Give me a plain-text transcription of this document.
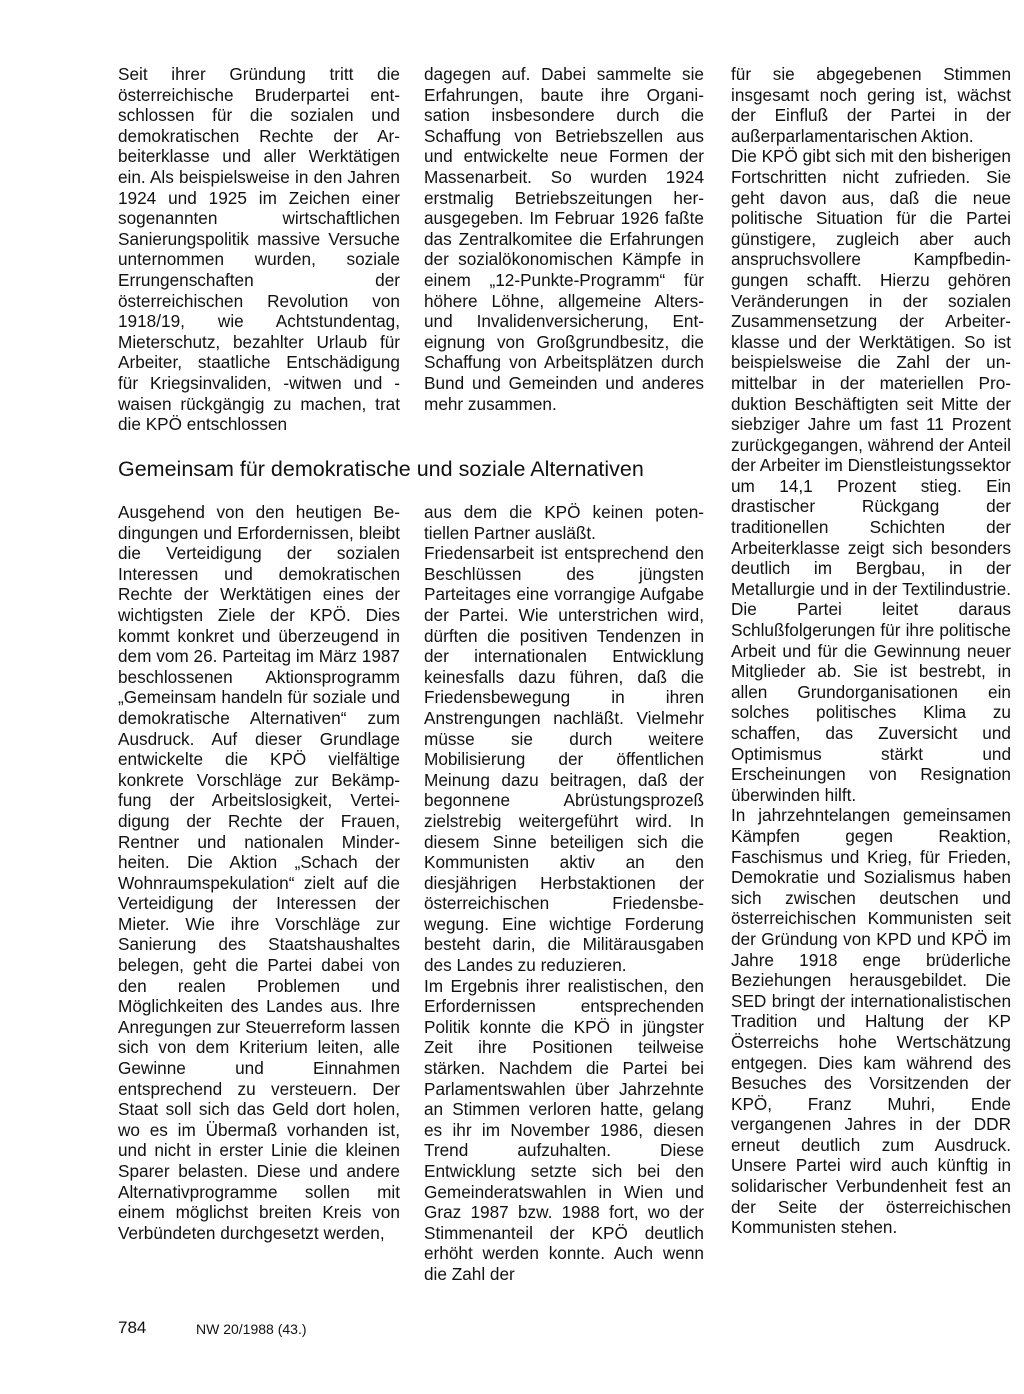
Seit ihrer Gründung tritt die österreichische Bruderpartei entschlossen für die sozialen und demokratischen Rechte der Arbeiterklasse und aller Werktätigen ein. Als beispielsweise in den Jahren 1924 und 1925 im Zeichen einer sogenannten wirtschaftlichen Sanierungspolitik massive Versuche unternommen wurden, soziale Errungenschaften der österreichischen Revolution von 1918/19, wie Achtstundentag, Mieterschutz, bezahlter Urlaub für Arbeiter, staatliche Entschädigung für Kriegsinvaliden, -witwen und -waisen rückgängig zu machen, trat die KPÖ entschlossen

dagegen auf. Dabei sammelte sie Erfahrungen, baute ihre Organisation insbesondere durch die Schaffung von Betriebszellen aus und entwickelte neue Formen der Massenarbeit. So wurden 1924 erstmalig Betriebszeitungen herausgegeben. Im Februar 1926 faßte das Zentralkomitee die Erfahrungen der sozialökonomischen Kämpfe in einem „12-Punkte-Programm“ für höhere Löhne, allgemeine Alters- und Invalidenversicherung, Enteignung von Großgrundbesitz, die Schaffung von Arbeitsplätzen durch Bund und Gemeinden und anderes mehr zusammen.

Gemeinsam für demokratische und soziale Alternativen

Ausgehend von den heutigen Bedingungen und Erfordernissen, bleibt die Verteidigung der sozialen Interessen und demokratischen Rechte der Werktätigen eines der wichtigsten Ziele der KPÖ. Dies kommt konkret und überzeugend in dem vom 26. Parteitag im März 1987 beschlossenen Aktionsprogramm „Gemeinsam handeln für soziale und demokratische Alternativen“ zum Ausdruck. Auf dieser Grundlage entwickelte die KPÖ vielfältige konkrete Vorschläge zur Bekämpfung der Arbeitslosigkeit, Verteidigung der Rechte der Frauen, Rentner und nationalen Minderheiten. Die Aktion „Schach der Wohnraumspekulation“ zielt auf die Verteidigung der Interessen der Mieter. Wie ihre Vorschläge zur Sanierung des Staatshaushaltes belegen, geht die Partei dabei von den realen Problemen und Möglichkeiten des Landes aus. Ihre Anregungen zur Steuerreform lassen sich von dem Kriterium leiten, alle Gewinne und Einnahmen entsprechend zu versteuern. Der Staat soll sich das Geld dort holen, wo es im Übermaß vorhanden ist, und nicht in erster Linie die kleinen Sparer belasten. Diese und andere Alternativprogramme sollen mit einem möglichst breiten Kreis von Verbündeten durchgesetzt werden,

aus dem die KPÖ keinen potentiellen Partner ausläßt.

Friedensarbeit ist entsprechend den Beschlüssen des jüngsten Parteitages eine vorrangige Aufgabe der Partei. Wie unterstrichen wird, dürften die positiven Tendenzen in der internationalen Entwicklung keinesfalls dazu führen, daß die Friedensbewegung in ihren Anstrengungen nachläßt. Vielmehr müsse sie durch weitere Mobilisierung der öffentlichen Meinung dazu beitragen, daß der begonnene Abrüstungsprozeß zielstrebig weitergeführt wird. In diesem Sinne beteiligen sich die Kommunisten aktiv an den diesjährigen Herbstaktionen der österreichischen Friedensbewegung. Eine wichtige Forderung besteht darin, die Militärausgaben des Landes zu reduzieren.

Im Ergebnis ihrer realistischen, den Erfordernissen entsprechenden Politik konnte die KPÖ in jüngster Zeit ihre Positionen teilweise stärken. Nachdem die Partei bei Parlamentswahlen über Jahrzehnte an Stimmen verloren hatte, gelang es ihr im November 1986, diesen Trend aufzuhalten. Diese Entwicklung setzte sich bei den Gemeinderatswahlen in Wien und Graz 1987 bzw. 1988 fort, wo der Stimmenanteil der KPÖ deutlich erhöht werden konnte. Auch wenn die Zahl der

für sie abgegebenen Stimmen insgesamt noch gering ist, wächst der Einfluß der Partei in der außerparlamentarischen Aktion.

Die KPÖ gibt sich mit den bisherigen Fortschritten nicht zufrieden. Sie geht davon aus, daß die neue politische Situation für die Partei günstigere, zugleich aber auch anspruchsvollere Kampfbedingungen schafft. Hierzu gehören Veränderungen in der sozialen Zusammensetzung der Arbeiterklasse und der Werktätigen. So ist beispielsweise die Zahl der unmittelbar in der materiellen Produktion Beschäftigten seit Mitte der siebziger Jahre um fast 11 Prozent zurückgegangen, während der Anteil der Arbeiter im Dienstleistungssektor um 14,1 Prozent stieg. Ein drastischer Rückgang der traditionellen Schichten der Arbeiterklasse zeigt sich besonders deutlich im Bergbau, in der Metallurgie und in der Textilindustrie. Die Partei leitet daraus Schlußfolgerungen für ihre politische Arbeit und für die Gewinnung neuer Mitglieder ab. Sie ist bestrebt, in allen Grundorganisationen ein solches politisches Klima zu schaffen, das Zuversicht und Optimismus stärkt und Erscheinungen von Resignation überwinden hilft.

In jahrzehntelangen gemeinsamen Kämpfen gegen Reaktion, Faschismus und Krieg, für Frieden, Demokratie und Sozialismus haben sich zwischen deutschen und österreichischen Kommunisten seit der Gründung von KPD und KPÖ im Jahre 1918 enge brüderliche Beziehungen herausgebildet. Die SED bringt der internationalistischen Tradition und Haltung der KP Österreichs hohe Wertschätzung entgegen. Dies kam während des Besuches des Vorsitzenden der KPÖ, Franz Muhri, Ende vergangenen Jahres in der DDR erneut deutlich zum Ausdruck. Unsere Partei wird auch künftig in solidarischer Verbundenheit fest an der Seite der österreichischen Kommunisten stehen.

784	NW 20/1988 (43.)
